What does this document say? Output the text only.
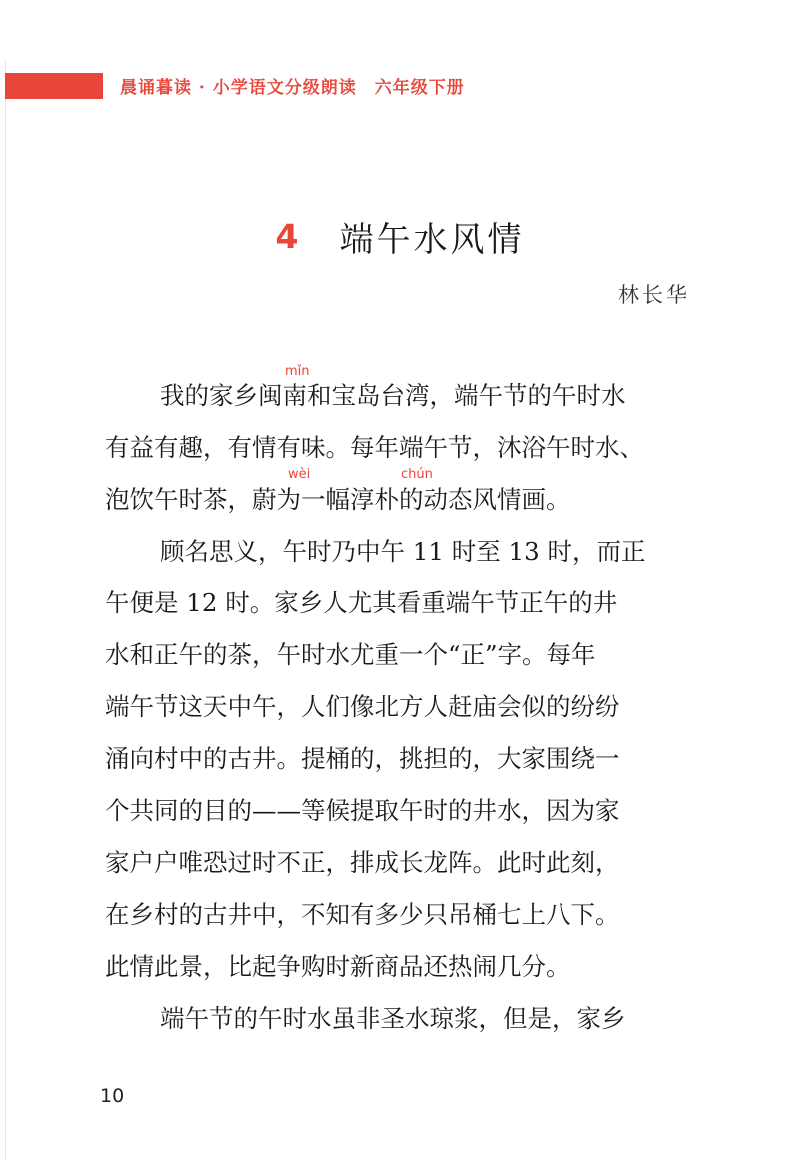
晨诵暮读 · 小学语文分级朗读　六年级下册
4 端午水风情
林长华
mǐn
wèi	chún
我的家乡闽南和宝岛台湾，端午节的午时水
有益有趣，有情有味。每年端午节，沐浴午时水、
泡饮午时茶，蔚为一幅淳朴的动态风情画。
顾名思义，午时乃中午 11 时至 13 时，而正
午便是 12 时。家乡人尤其看重端午节正午的井
水和正午的茶，午时水尤重一个“正”字。每年
端午节这天中午，人们像北方人赶庙会似的纷纷
涌向村中的古井。提桶的，挑担的，大家围绕一
个共同的目的——等候提取午时的井水，因为家
家户户唯恐过时不正，排成长龙阵。此时此刻，
在乡村的古井中，不知有多少只吊桶七上八下。
此情此景，比起争购时新商品还热闹几分。
端午节的午时水虽非圣水琼浆，但是，家乡
10
